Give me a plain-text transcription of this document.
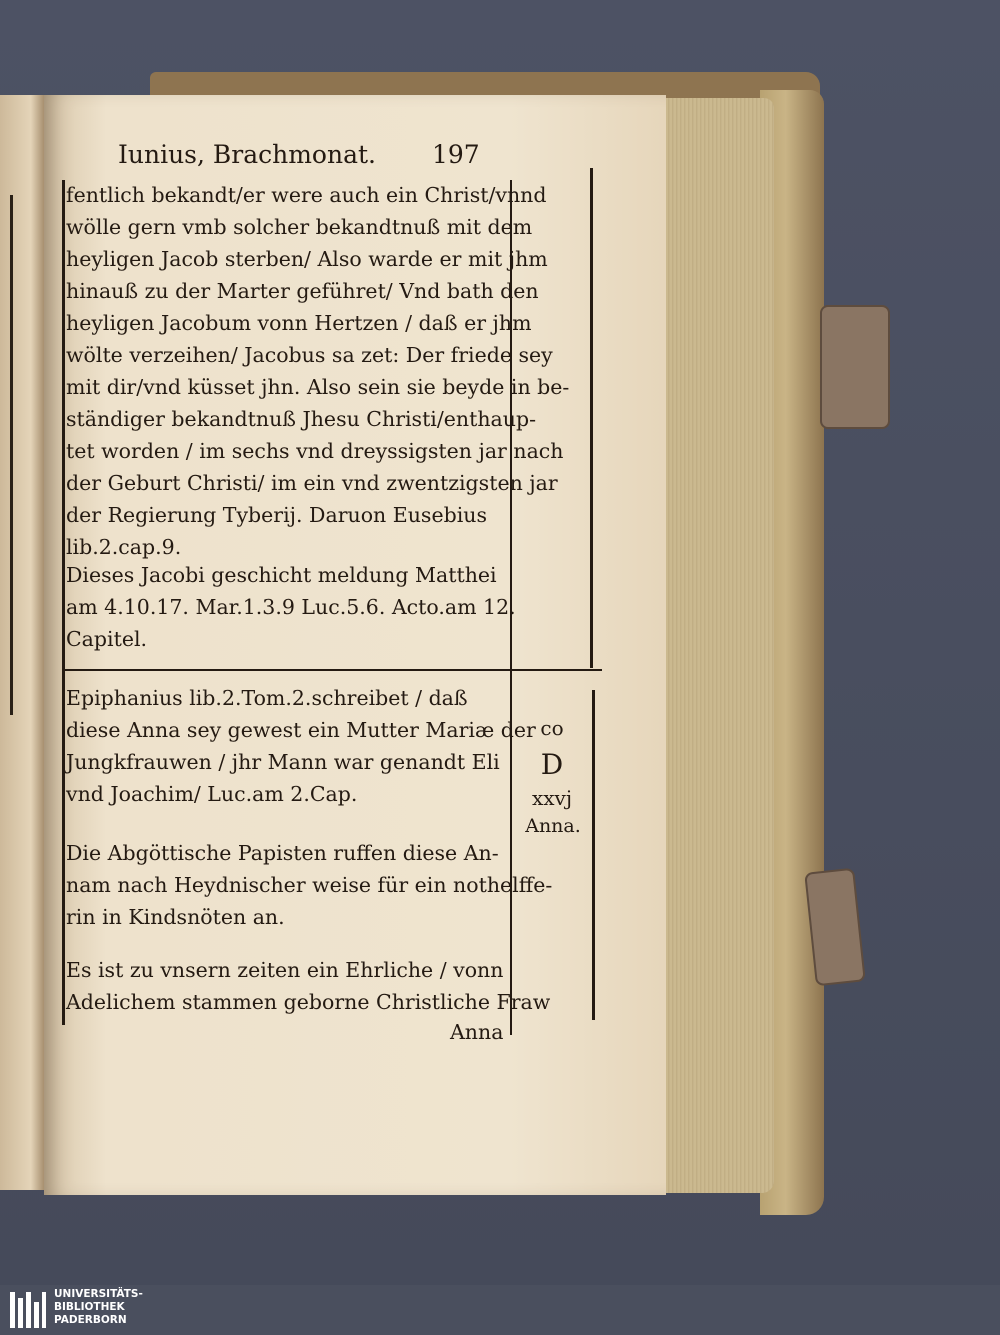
Iunius, Brachmonat. 197
fentlich bekandt/er were auch ein Christ/vnnd
wölle gern vmb solcher bekandtnuß mit dem
heyligen Jacob sterben/ Also warde er mit jhm
hinauß zu der Marter geführet/ Vnd bath den
heyligen Jacobum vonn Hertzen / daß er jhm
wölte verzeihen/ Jacobus sa zet: Der friede sey
mit dir/vnd küsset jhn. Also sein sie beyde in be-
ständiger bekandtnuß Jhesu Christi/enthaup-
tet worden / im sechs vnd dreyssigsten jar nach
der Geburt Christi/ im ein vnd zwentzigsten jar
der Regierung Tyberij. Daruon Eusebius
lib.2.cap.9.
Dieses Jacobi geschicht meldung Matthei
am 4.10.17. Mar.1.3.9 Luc.5.6. Acto.am 12.
Capitel.
Epiphanius lib.2.Tom.2.schreibet / daß
diese Anna sey gewest ein Mutter Mariæ der
Jungkfrauwen / jhr Mann war genandt Eli
vnd Joachim/ Luc.am 2.Cap.
Die Abgöttische Papisten ruffen diese An-
nam nach Heydnischer weise für ein nothelffe-
rin in Kindsnöten an.
Es ist zu vnsern zeiten ein Ehrliche / vonn
Adelichem stammen geborne Christliche Fraw
Anna
co
D
xxvj
Anna.
UNIVERSITÄTS-
BIBLIOTHEK
PADERBORN
